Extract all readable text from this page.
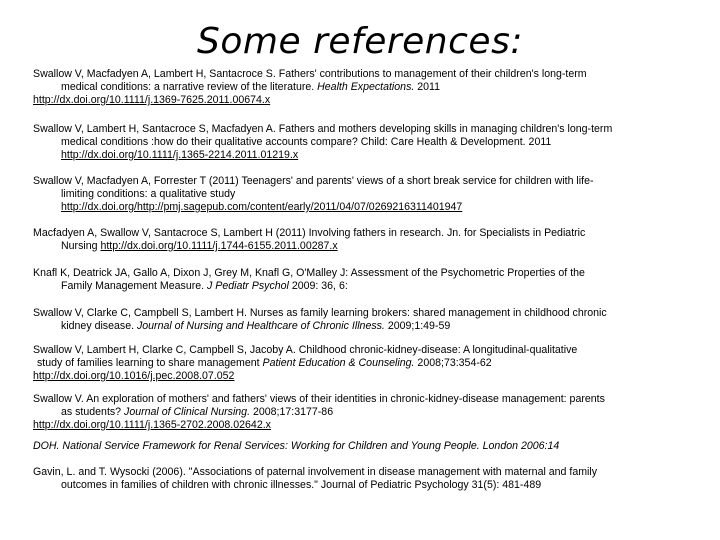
Some references:
Swallow V, Macfadyen A, Lambert H, Santacroce S. Fathers' contributions to management of their children's long-term
medical conditions: a narrative review of the literature. Health Expectations. 2011
http://dx.doi.org/10.1111/j.1369-7625.2011.00674.x
Swallow V, Lambert H, Santacroce S, Macfadyen A. Fathers and mothers developing skills in managing children's long-term
medical conditions :how do their qualitative accounts compare? Child: Care Health & Development. 2011
http://dx.doi.org/10.1111/j.1365-2214.2011.01219.x
Swallow V, Macfadyen A, Forrester T (2011) Teenagers' and parents' views of a short break service for children with life-
limiting conditions: a qualitative study
http://dx.doi.org/http://pmj.sagepub.com/content/early/2011/04/07/0269216311401947
Macfadyen A, Swallow V, Santacroce S, Lambert H (2011) Involving fathers in research. Jn. for Specialists in Pediatric
Nursing http://dx.doi.org/10.1111/j.1744-6155.2011.00287.x
Knafl K, Deatrick JA, Gallo A, Dixon J, Grey M, Knafl G, O'Malley J: Assessment of the Psychometric Properties of the
Family Management Measure. J Pediatr Psychol 2009: 36, 6:
Swallow V, Clarke C, Campbell S, Lambert H. Nurses as family learning brokers: shared management in childhood chronic
kidney disease. Journal of Nursing and Healthcare of Chronic Illness. 2009;1:49-59
Swallow V, Lambert H, Clarke C, Campbell S, Jacoby A. Childhood chronic-kidney-disease: A longitudinal-qualitative
study of families learning to share management Patient Education & Counseling. 2008;73:354-62
http://dx.doi.org/10.1016/j.pec.2008.07.052
Swallow V. An exploration of mothers' and fathers' views of their identities in chronic-kidney-disease management: parents
as students? Journal of Clinical Nursing. 2008;17:3177-86
http://dx.doi.org/10.1111/j.1365-2702.2008.02642.x
DOH. National Service Framework for Renal Services: Working for Children and Young People. London 2006:14
Gavin, L. and T. Wysocki (2006). "Associations of paternal involvement in disease management with maternal and family
outcomes in families of children with chronic illnesses." Journal of Pediatric Psychology 31(5): 481-489
